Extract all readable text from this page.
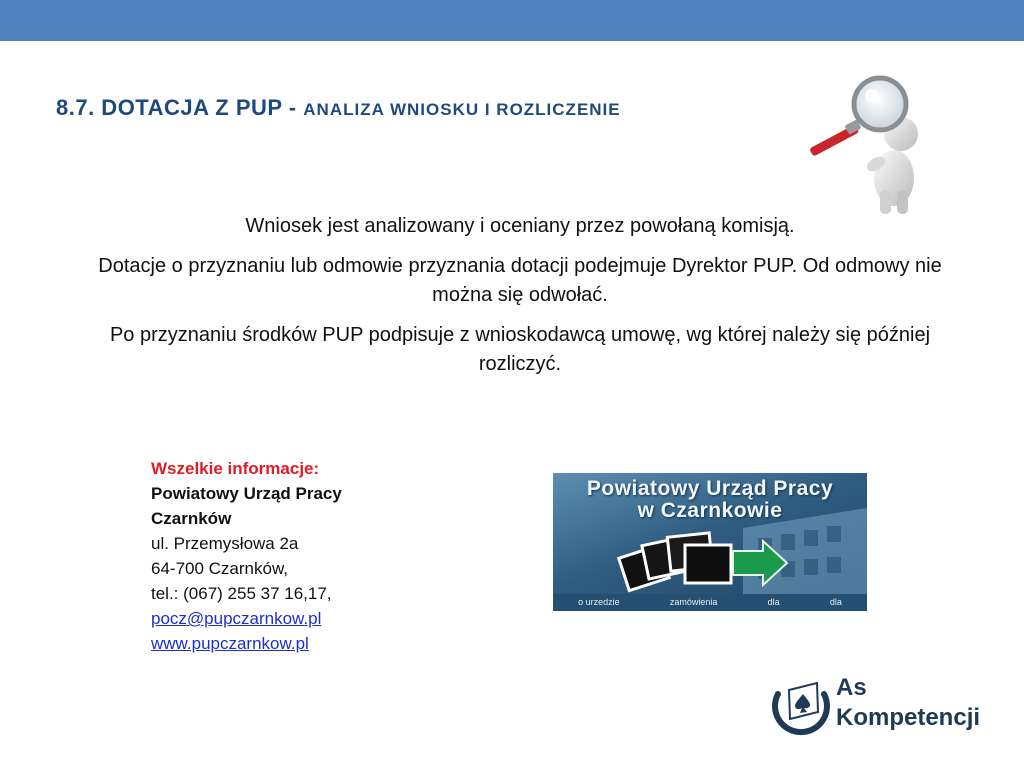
8.7. DOTACJA Z PUP - ANALIZA WNIOSKU I ROZLICZENIE

Wniosek jest analizowany i oceniany przez powołaną komisją.

Dotacje o przyznaniu lub odmowie przyznania dotacji podejmuje Dyrektor PUP. Od odmowy nie można się odwołać.

Po przyznaniu środków PUP podpisuje z wnioskodawcą umowę, wg której należy się później rozliczyć.

Wszelkie informacje:
Powiatowy Urząd Pracy
Czarnków
ul. Przemysłowa 2a
64-700 Czarnków,
tel.: (067) 255 37 16,17,
pocz@pupczarnkow.pl
www.pupczarnkow.pl
Powiatowy Urząd Pracy
w Czarnkowie
o urzedzie	zamówienia	dla	dla
As
Kompetencji
